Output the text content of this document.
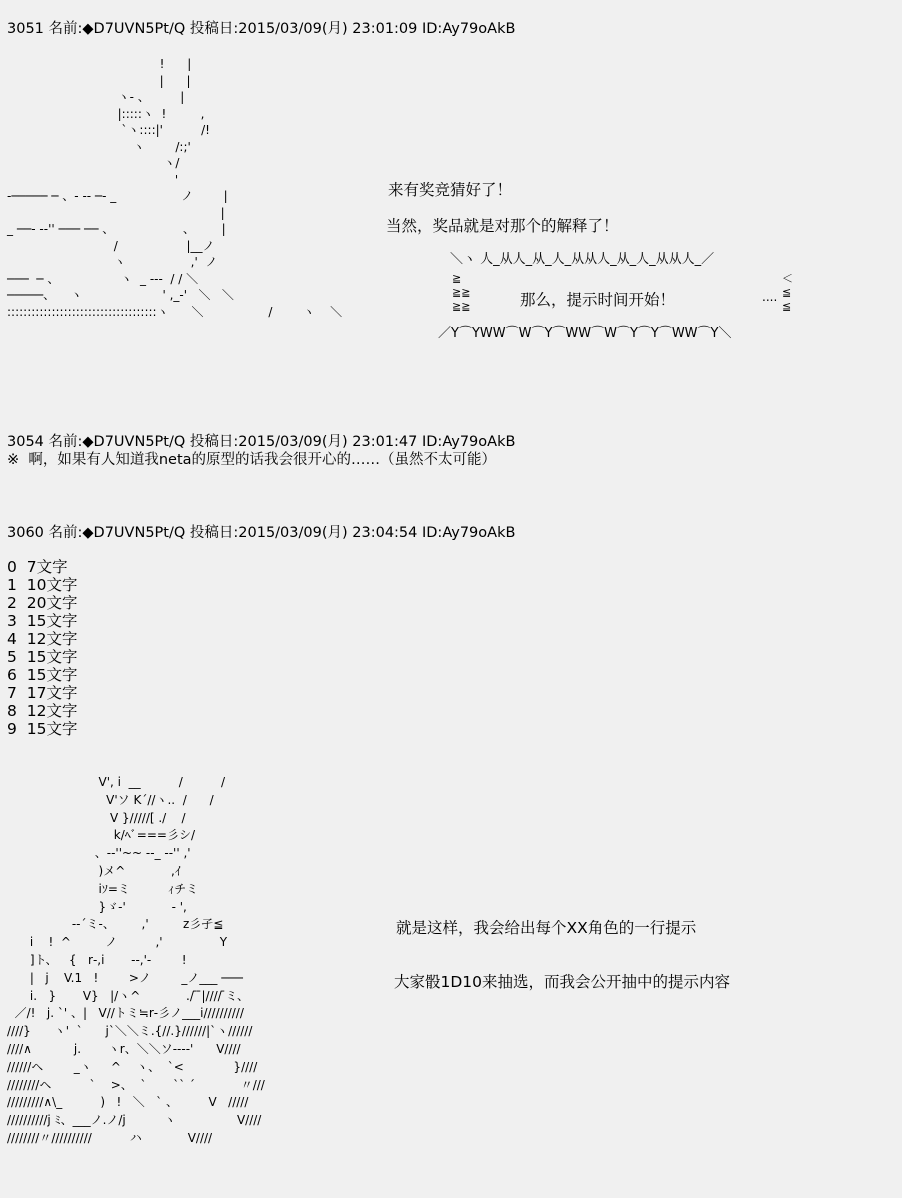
3051 名前:◆D7UVN5Pt/Q 投稿日:2015/03/09(月) 23:01:09 ID:Ay79oAkB
!      |
|      |
ヽ‐ 、        |
|:::::ヽ  !         ,
`ヽ::::|'          /!
ヽ        /:;'
ヽ/
'
‐───── ─ 、‐ -- ─- _                 ノ        |
|
_ ──- -‐'' ─── ── 、                  、       |
/                  |__ノ
ヽ                 ,'  ノ
───  ─ 、                ヽ  _ ‐-‐  / / ＼
─────、    ヽ                     ' ,_‐'   ＼   ＼
:::::::::::::::::::::::::::::::::::::ヽ      ＼                 /        ヽ    ＼
来有奖竞猜好了！
当然，奖品就是对那个的解释了！
＼ヽ 人_从人_从_人_从从人_从_人_从从人_／
≧
≧≧
≧≧
＜
≦
≦
那么，提示时间开始！	....
／Y⌒YWW⌒W⌒Y⌒WW⌒W⌒Y⌒Y⌒WW⌒Y＼
3054 名前:◆D7UVN5Pt/Q 投稿日:2015/03/09(月) 23:01:47 ID:Ay79oAkB
※  啊，如果有人知道我neta的原型的话我会很开心的……（虽然不太可能）
3060 名前:◆D7UVN5Pt/Q 投稿日:2015/03/09(月) 23:04:54 ID:Ay79oAkB
0  7文字
1  10文字
2  20文字
3  15文字
4  12文字
5  15文字
6  15文字
7  17文字
8  12文字
9  15文字
V', i  __          /          /
V'ソ K´//ヽ..  /      /
V }/////[ ./    /
k/ﾍﾞ===彡シ/
、-‐''~~ ‐-_ ‐‐'' ,'
)メ^            ,ｲ
iｿ=ミ          ｨチミ
}ゞ-'            ‐ ',
‐‐´ミ‐、       ,'         z彡孑≦
i    !  ^         ノ          ,'               Y
]ト、   {   r‐,i       ‐‐,'‐        !
|   j    V.1   !        >ノ        _ノ___ ───
i.   }       V}   |/ヽ^            ./ ̄ ̄|//// ̄ミ、
／/!   j. `' 、|   V//トミ≒r‐彡ノ___i//////////
////}      ヽ'  `      j`＼＼ミ.{//.}//////|`ヽ//////
////∧           j.       ヽr、＼＼ソ‐‐‐‐'      V////
//////ヘ        _ヽ     ^    ヽ、  `<             }////
////////ヘ          `    >、  `       `` ´            〃///
/////////∧\_          )   !   ＼   ` 、        V   /////
//////////j ﾐ、___ノ.ノ/j          ヽ                V////
////////〃//////////          ハ            V////
就是这样，我会给出每个XX角色的一行提示
大家骰1D10来抽选，而我会公开抽中的提示内容
